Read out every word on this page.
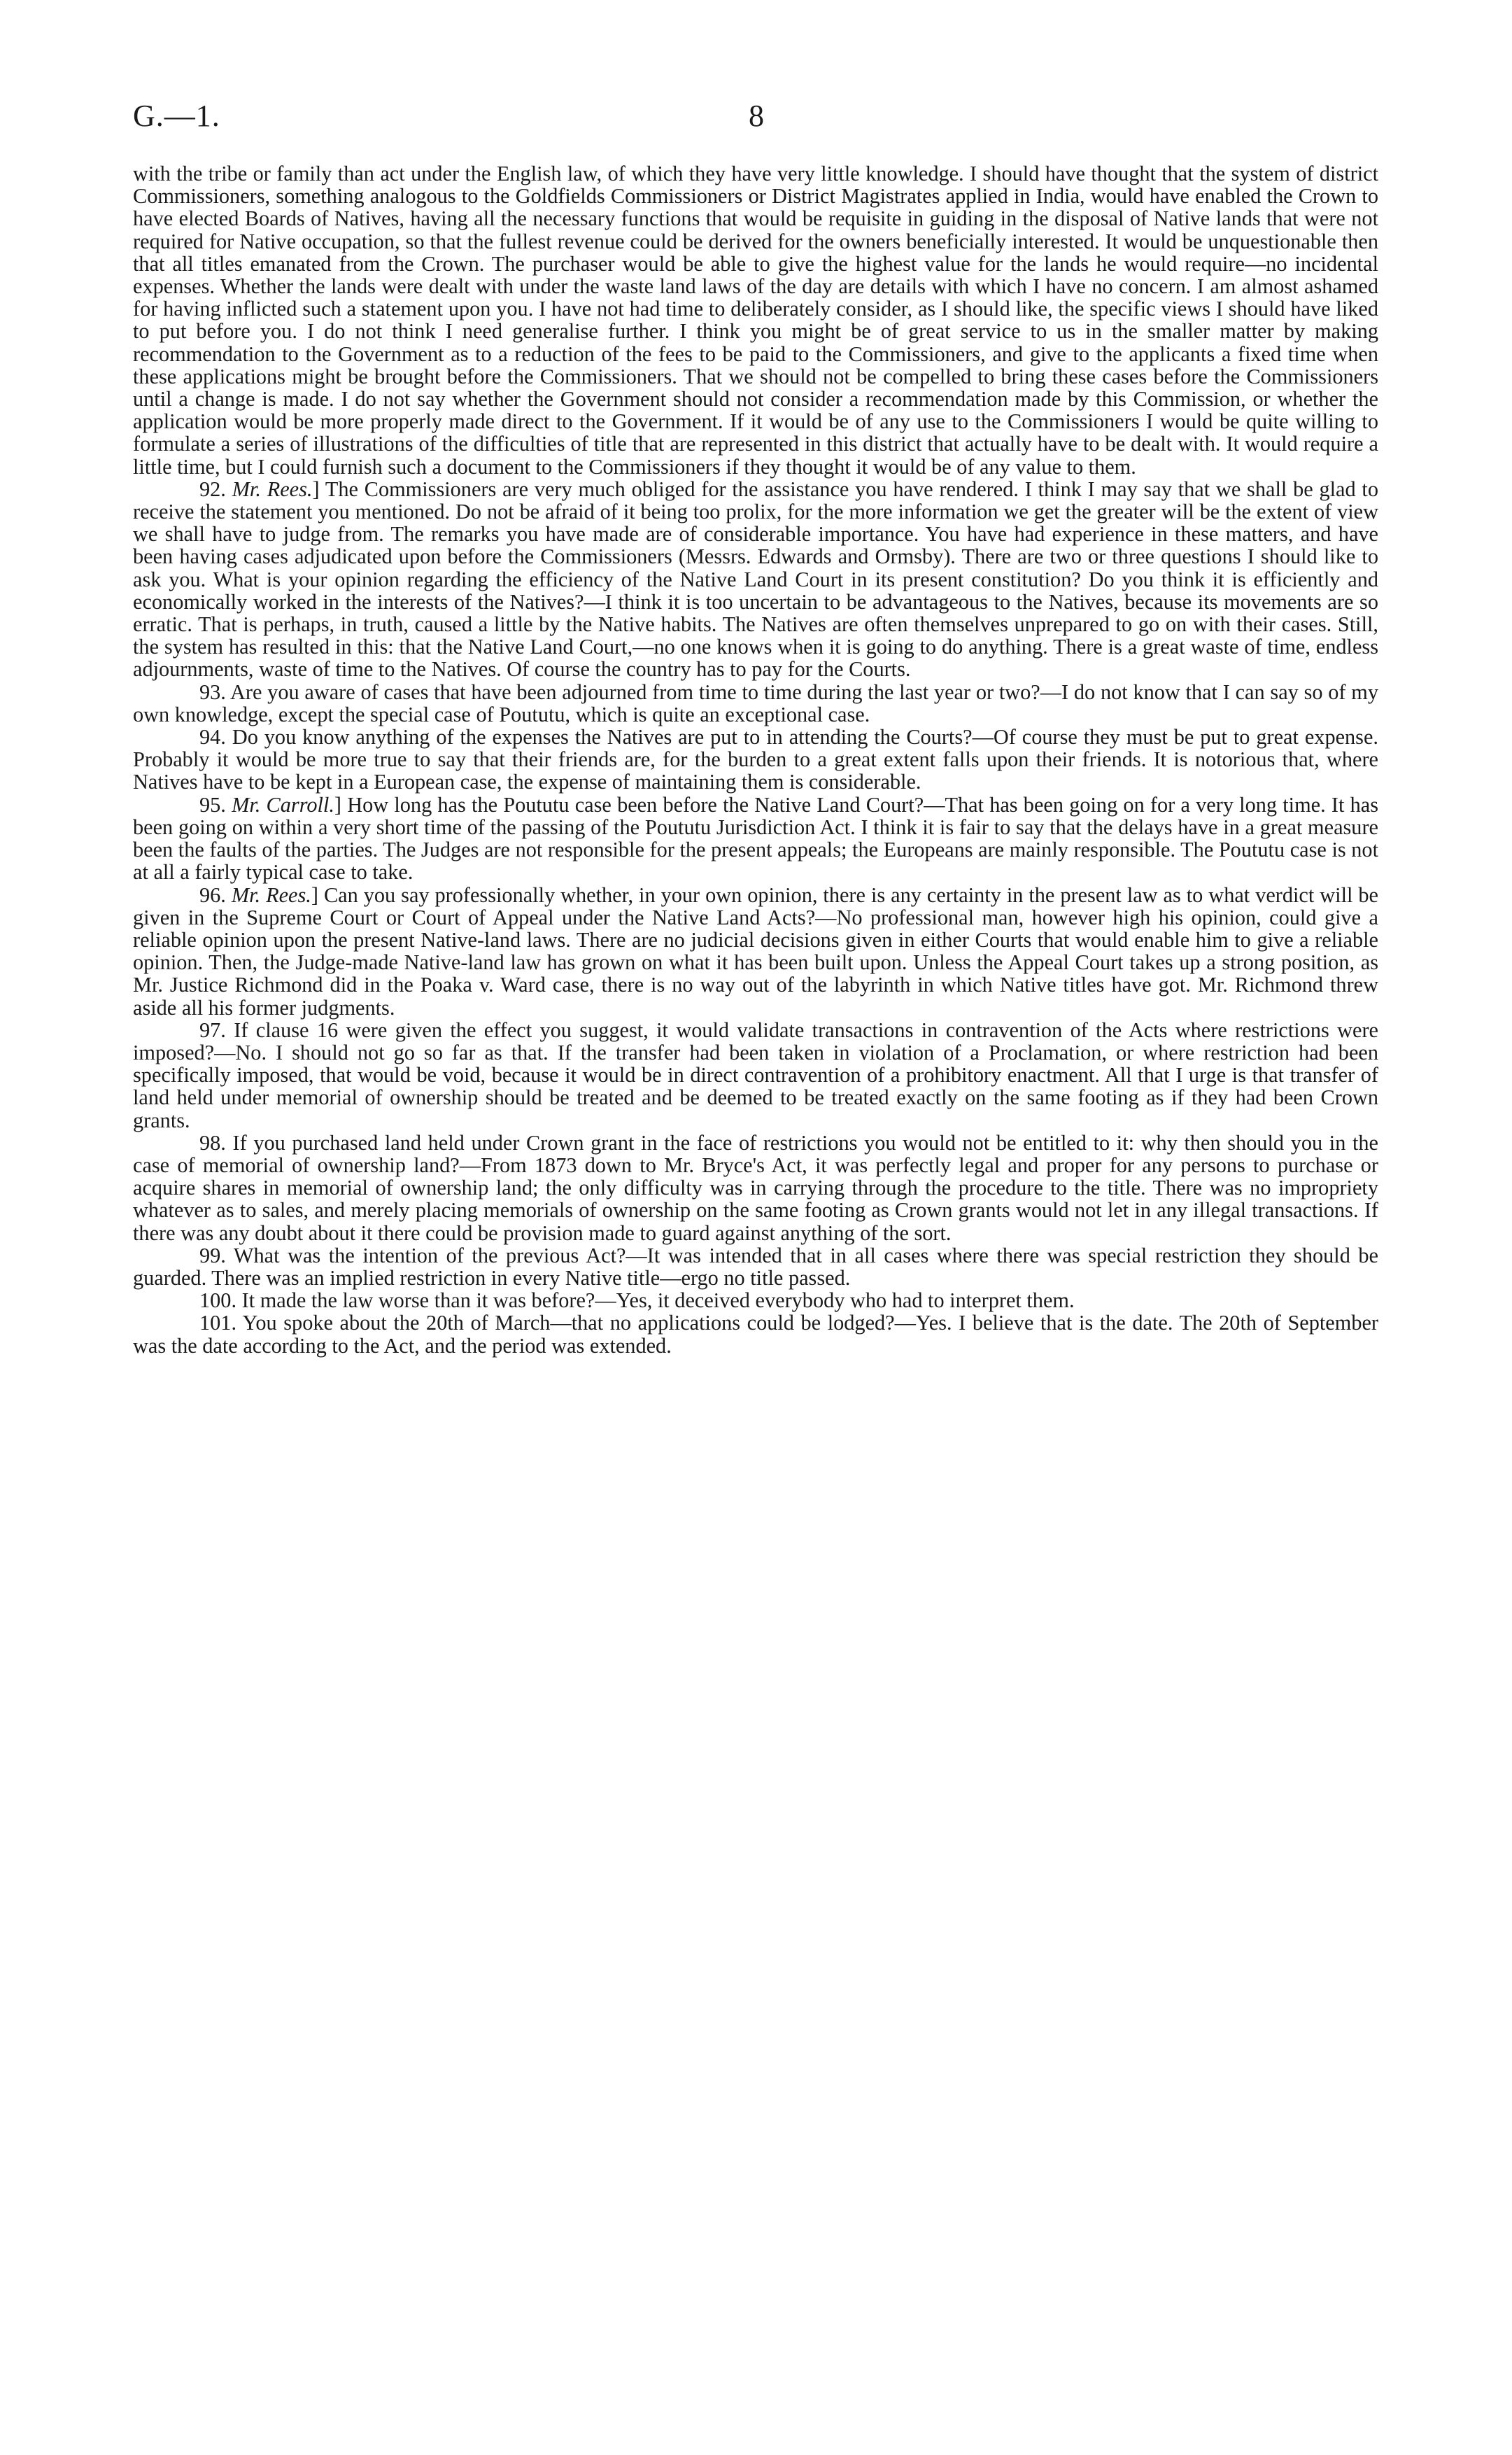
G.—1.	8

with the tribe or family than act under the English law, of which they have very little knowledge. I should have thought that the system of district Commissioners, something analogous to the Goldfields Commissioners or District Magistrates applied in India, would have enabled the Crown to have elected Boards of Natives, having all the necessary functions that would be requisite in guiding in the disposal of Native lands that were not required for Native occupation, so that the fullest revenue could be derived for the owners beneficially interested. It would be unquestionable then that all titles emanated from the Crown. The purchaser would be able to give the highest value for the lands he would require—no incidental expenses. Whether the lands were dealt with under the waste land laws of the day are details with which I have no concern. I am almost ashamed for having inflicted such a statement upon you. I have not had time to deliberately consider, as I should like, the specific views I should have liked to put before you. I do not think I need generalise further. I think you might be of great service to us in the smaller matter by making recommendation to the Government as to a reduction of the fees to be paid to the Commissioners, and give to the applicants a fixed time when these applications might be brought before the Commissioners. That we should not be compelled to bring these cases before the Commissioners until a change is made. I do not say whether the Government should not consider a recommendation made by this Commission, or whether the application would be more properly made direct to the Government. If it would be of any use to the Commissioners I would be quite willing to formulate a series of illustrations of the difficulties of title that are represented in this district that actually have to be dealt with. It would require a little time, but I could furnish such a document to the Commissioners if they thought it would be of any value to them.

92. Mr. Rees.] The Commissioners are very much obliged for the assistance you have rendered. I think I may say that we shall be glad to receive the statement you mentioned. Do not be afraid of it being too prolix, for the more information we get the greater will be the extent of view we shall have to judge from. The remarks you have made are of considerable importance. You have had experience in these matters, and have been having cases adjudicated upon before the Commissioners (Messrs. Edwards and Ormsby). There are two or three questions I should like to ask you. What is your opinion regarding the efficiency of the Native Land Court in its present constitution? Do you think it is efficiently and economically worked in the interests of the Natives?—I think it is too uncertain to be advantageous to the Natives, because its movements are so erratic. That is perhaps, in truth, caused a little by the Native habits. The Natives are often themselves unprepared to go on with their cases. Still, the system has resulted in this: that the Native Land Court,—no one knows when it is going to do anything. There is a great waste of time, endless adjournments, waste of time to the Natives. Of course the country has to pay for the Courts.

93. Are you aware of cases that have been adjourned from time to time during the last year or two?—I do not know that I can say so of my own knowledge, except the special case of Poututu, which is quite an exceptional case.

94. Do you know anything of the expenses the Natives are put to in attending the Courts?—Of course they must be put to great expense. Probably it would be more true to say that their friends are, for the burden to a great extent falls upon their friends. It is notorious that, where Natives have to be kept in a European case, the expense of maintaining them is considerable.

95. Mr. Carroll.] How long has the Poututu case been before the Native Land Court?—That has been going on for a very long time. It has been going on within a very short time of the passing of the Poututu Jurisdiction Act. I think it is fair to say that the delays have in a great measure been the faults of the parties. The Judges are not responsible for the present appeals; the Europeans are mainly responsible. The Poututu case is not at all a fairly typical case to take.

96. Mr. Rees.] Can you say professionally whether, in your own opinion, there is any certainty in the present law as to what verdict will be given in the Supreme Court or Court of Appeal under the Native Land Acts?—No professional man, however high his opinion, could give a reliable opinion upon the present Native-land laws. There are no judicial decisions given in either Courts that would enable him to give a reliable opinion. Then, the Judge-made Native-land law has grown on what it has been built upon. Unless the Appeal Court takes up a strong position, as Mr. Justice Richmond did in the Poaka v. Ward case, there is no way out of the labyrinth in which Native titles have got. Mr. Richmond threw aside all his former judgments.

97. If clause 16 were given the effect you suggest, it would validate transactions in contravention of the Acts where restrictions were imposed?—No. I should not go so far as that. If the transfer had been taken in violation of a Proclamation, or where restriction had been specifically imposed, that would be void, because it would be in direct contravention of a prohibitory enactment. All that I urge is that transfer of land held under memorial of ownership should be treated and be deemed to be treated exactly on the same footing as if they had been Crown grants.

98. If you purchased land held under Crown grant in the face of restrictions you would not be entitled to it: why then should you in the case of memorial of ownership land?—From 1873 down to Mr. Bryce's Act, it was perfectly legal and proper for any persons to purchase or acquire shares in memorial of ownership land; the only difficulty was in carrying through the procedure to the title. There was no impropriety whatever as to sales, and merely placing memorials of ownership on the same footing as Crown grants would not let in any illegal transactions. If there was any doubt about it there could be provision made to guard against anything of the sort.

99. What was the intention of the previous Act?—It was intended that in all cases where there was special restriction they should be guarded. There was an implied restriction in every Native title—ergo no title passed.

100. It made the law worse than it was before?—Yes, it deceived everybody who had to interpret them.

101. You spoke about the 20th of March—that no applications could be lodged?—Yes. I believe that is the date. The 20th of September was the date according to the Act, and the period was extended.
